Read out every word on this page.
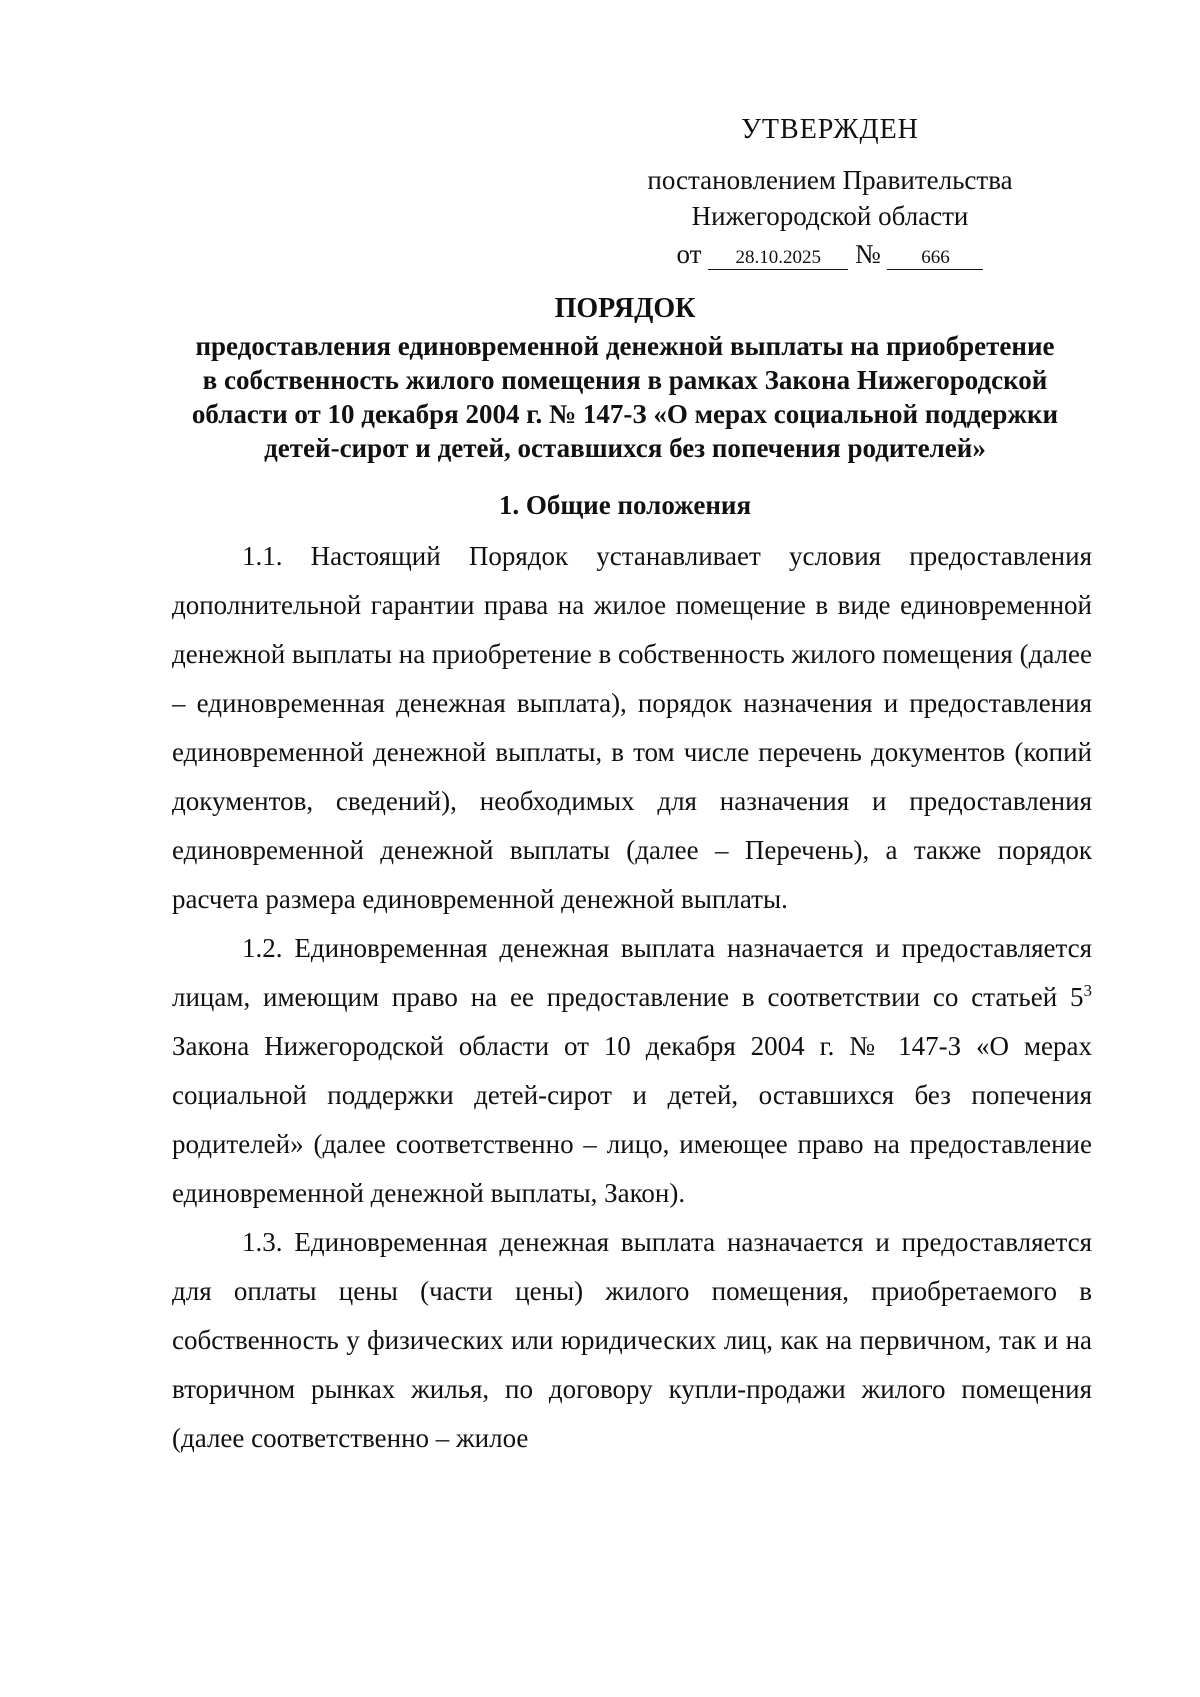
УТВЕРЖДЕН
постановлением Правительства
Нижегородской области
от 28.10.2025 № 666
ПОРЯДОК
предоставления единовременной денежной выплаты на приобретение
в собственность жилого помещения в рамках Закона Нижегородской
области от 10 декабря 2004 г. № 147-З «О мерах социальной поддержки
детей-сирот и детей, оставшихся без попечения родителей»
1. Общие положения

1.1. Настоящий Порядок устанавливает условия предоставления дополнительной гарантии права на жилое помещение в виде единовременной денежной выплаты на приобретение в собственность жилого помещения (далее – единовременная денежная выплата), порядок назначения и предоставления единовременной денежной выплаты, в том числе перечень документов (копий документов, сведений), необходимых для назначения и предоставления единовременной денежной выплаты (далее – Перечень), а также порядок расчета размера единовременной денежной выплаты.

1.2. Единовременная денежная выплата назначается и предоставляется лицам, имеющим право на ее предоставление в соответствии со статьей $5^3$ Закона Нижегородской области от 10 декабря 2004 г. № 147-З «О мерах социальной поддержки детей-сирот и детей, оставшихся без попечения родителей» (далее соответственно – лицо, имеющее право на предоставление единовременной денежной выплаты, Закон).

1.3. Единовременная денежная выплата назначается и предоставляется для оплаты цены (части цены) жилого помещения, приобретаемого в собственность у физических или юридических лиц, как на первичном, так и на вторичном рынках жилья, по договору купли-продажи жилого помещения (далее соответственно – жилое
